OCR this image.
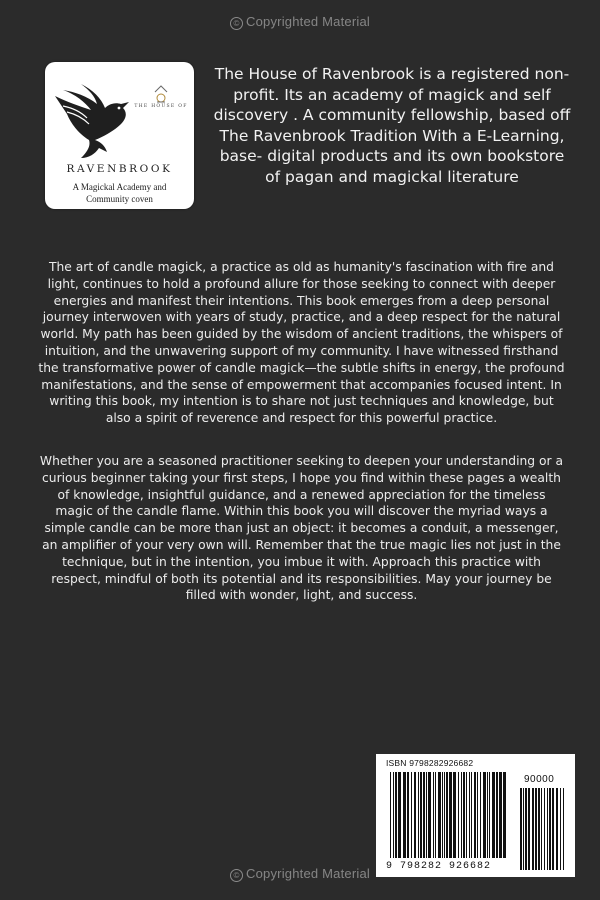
© Copyrighted Material
THE HOUSE OF
RAVENBROOK
A Magickal Academy and Community coven
The House of Ravenbrook is a registered non-profit. Its an academy of magick and self discovery . A community fellowship, based off The Ravenbrook Tradition With a E-Learning, base- digital products and its own bookstore of pagan and magickal literature
The art of candle magick, a practice as old as humanity's fascination with fire and light, continues to hold a profound allure for those seeking to connect with deeper energies and manifest their intentions. This book emerges from a deep personal journey interwoven with years of study, practice, and a deep respect for the natural world. My path has been guided by the wisdom of ancient traditions, the whispers of intuition, and the unwavering support of my community. I have witnessed firsthand the transformative power of candle magick—the subtle shifts in energy, the profound manifestations, and the sense of empowerment that accompanies focused intent. In writing this book, my intention is to share not just techniques and knowledge, but also a spirit of reverence and respect for this powerful practice.
Whether you are a seasoned practitioner seeking to deepen your understanding or a curious beginner taking your first steps, I hope you find within these pages a wealth of knowledge, insightful guidance, and a renewed appreciation for the timeless magic of the candle flame. Within this book you will discover the myriad ways a simple candle can be more than just an object: it becomes a conduit, a messenger, an amplifier of your very own will. Remember that the true magic lies not just in the technique, but in the intention, you imbue it with. Approach this practice with respect, mindful of both its potential and its responsibilities. May your journey be filled with wonder, light, and success.
ISBN 9798282926682
90000
9 798282 926682
© Copyrighted Material
